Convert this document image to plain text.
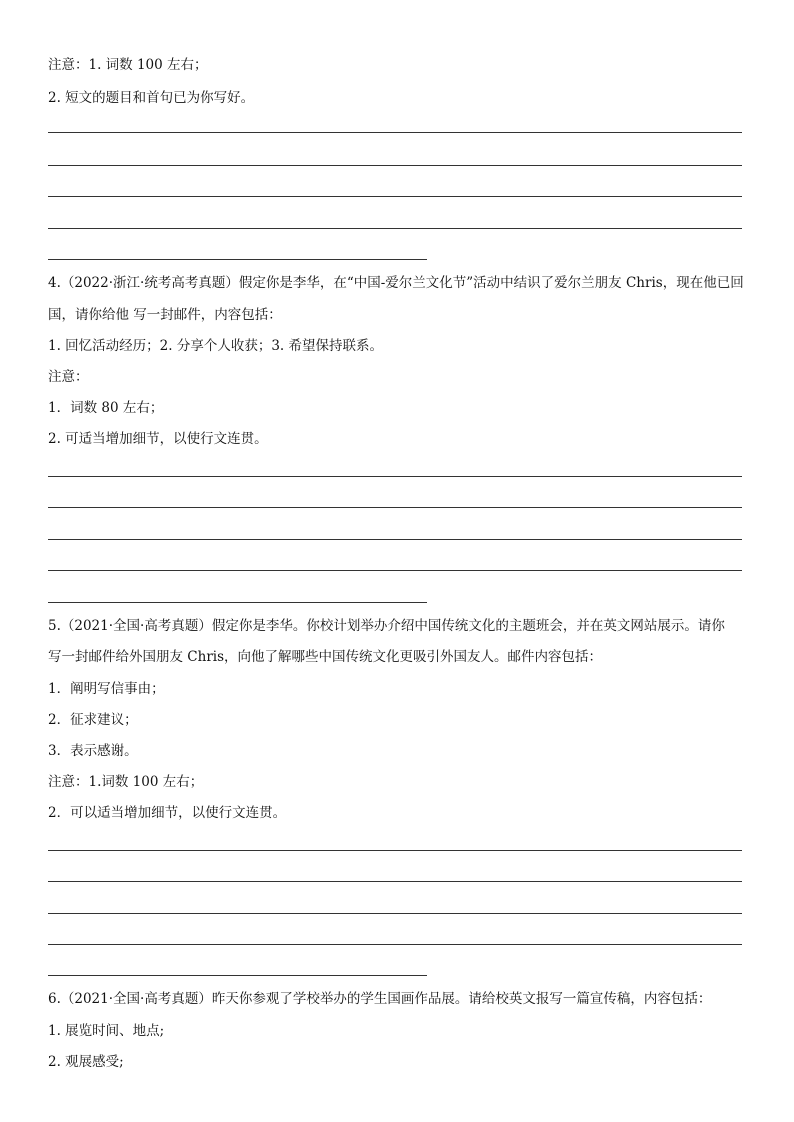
注意：1. 词数 100 左右；
2. 短文的题目和首句已为你写好。
4.（2022·浙江·统考高考真题）假定你是李华，在“中国-爱尔兰文化节”活动中结识了爱尔兰朋友 Chris，现在他已回
国，请你给他 写一封邮件，内容包括：
1. 回忆活动经历；2. 分享个人收获；3. 希望保持联系。
注意：
1．词数 80 左右；
2. 可适当增加细节，以使行文连贯。
5.（2021·全国·高考真题）假定你是李华。你校计划举办介绍中国传统文化的主题班会，并在英文网站展示。请你
写一封邮件给外国朋友 Chris，向他了解哪些中国传统文化更吸引外国友人。邮件内容包括：
1．阐明写信事由；
2．征求建议；
3．表示感谢。
注意：1.词数 100 左右；
2．可以适当增加细节，以使行文连贯。
6.（2021·全国·高考真题）昨天你参观了学校举办的学生国画作品展。请给校英文报写一篇宣传稿，内容包括：
1. 展览时间、地点;
2. 观展感受;
